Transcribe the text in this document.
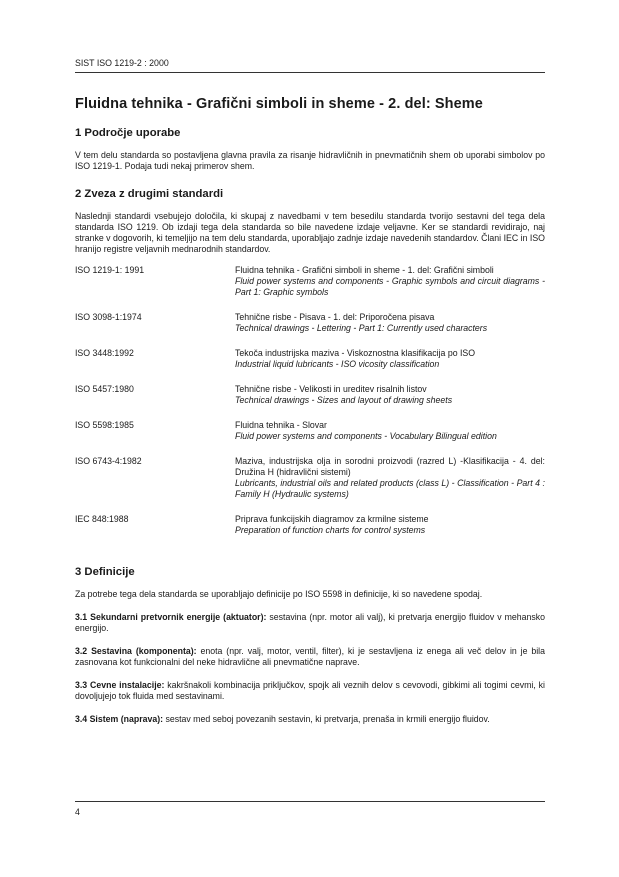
SIST ISO 1219-2 : 2000
Fluidna tehnika - Grafični simboli in sheme - 2. del: Sheme
1 Področje uporabe

V tem delu standarda so postavljena glavna pravila za risanje hidravličnih in pnevmatičnih shem ob uporabi simbolov po ISO 1219-1. Podaja tudi nekaj primerov shem.

2 Zveza z drugimi standardi

Naslednji standardi vsebujejo določila, ki skupaj z navedbami v tem besedilu standarda tvorijo sestavni del tega dela standarda ISO 1219. Ob izdaji tega dela standarda so bile navedene izdaje veljavne. Ker se standardi revidirajo, naj stranke v dogovorih, ki temeljijo na tem delu standarda, uporabljajo zadnje izdaje navedenih standardov. Člani IEC in ISO hranijo registre veljavnih mednarodnih standardov.

ISO 1219-1: 1991	Fluidna tehnika - Grafični simboli in sheme - 1. del: Grafični simboli
Fluid power systems and components - Graphic symbols and circuit diagrams - Part 1: Graphic symbols
ISO 3098-1:1974	Tehnične risbe - Pisava - 1. del: Priporočena pisava
Technical drawings - Lettering - Part 1: Currently used characters
ISO 3448:1992	Tekoča industrijska maziva - Viskoznostna klasifikacija po ISO
Industrial liquid lubricants - ISO vicosity classification
ISO 5457:1980	Tehnične risbe - Velikosti in ureditev risalnih listov
Technical drawings - Sizes and layout of drawing sheets
ISO 5598:1985	Fluidna tehnika - Slovar
Fluid power systems and components - Vocabulary Bilingual edition
ISO 6743-4:1982	Maziva, industrijska olja in sorodni proizvodi (razred L) -Klasifikacija - 4. del: Družina H (hidravlični sistemi)
Lubricants, industrial oils and related products (class L) - Classification - Part 4 : Family H (Hydraulic systems)
IEC 848:1988	Priprava funkcijskih diagramov za krmilne sisteme
Preparation of function charts for control systems
3 Definicije

Za potrebe tega dela standarda se uporabljajo definicije po ISO 5598 in definicije, ki so navedene spodaj.

3.1 Sekundarni pretvornik energije (aktuator): sestavina (npr. motor ali valj), ki pretvarja energijo fluidov v mehansko energijo.

3.2 Sestavina (komponenta): enota (npr. valj, motor, ventil, filter), ki je sestavljena iz enega ali več delov in je bila zasnovana kot funkcionalni del neke hidravlične ali pnevmatične naprave.

3.3 Cevne instalacije: kakršnakoli kombinacija priključkov, spojk ali veznih delov s cevovodi, gibkimi ali togimi cevmi, ki dovoljujejo tok fluida med sestavinami.

3.4 Sistem (naprava): sestav med seboj povezanih sestavin, ki pretvarja, prenaša in krmili energijo fluidov.

4
